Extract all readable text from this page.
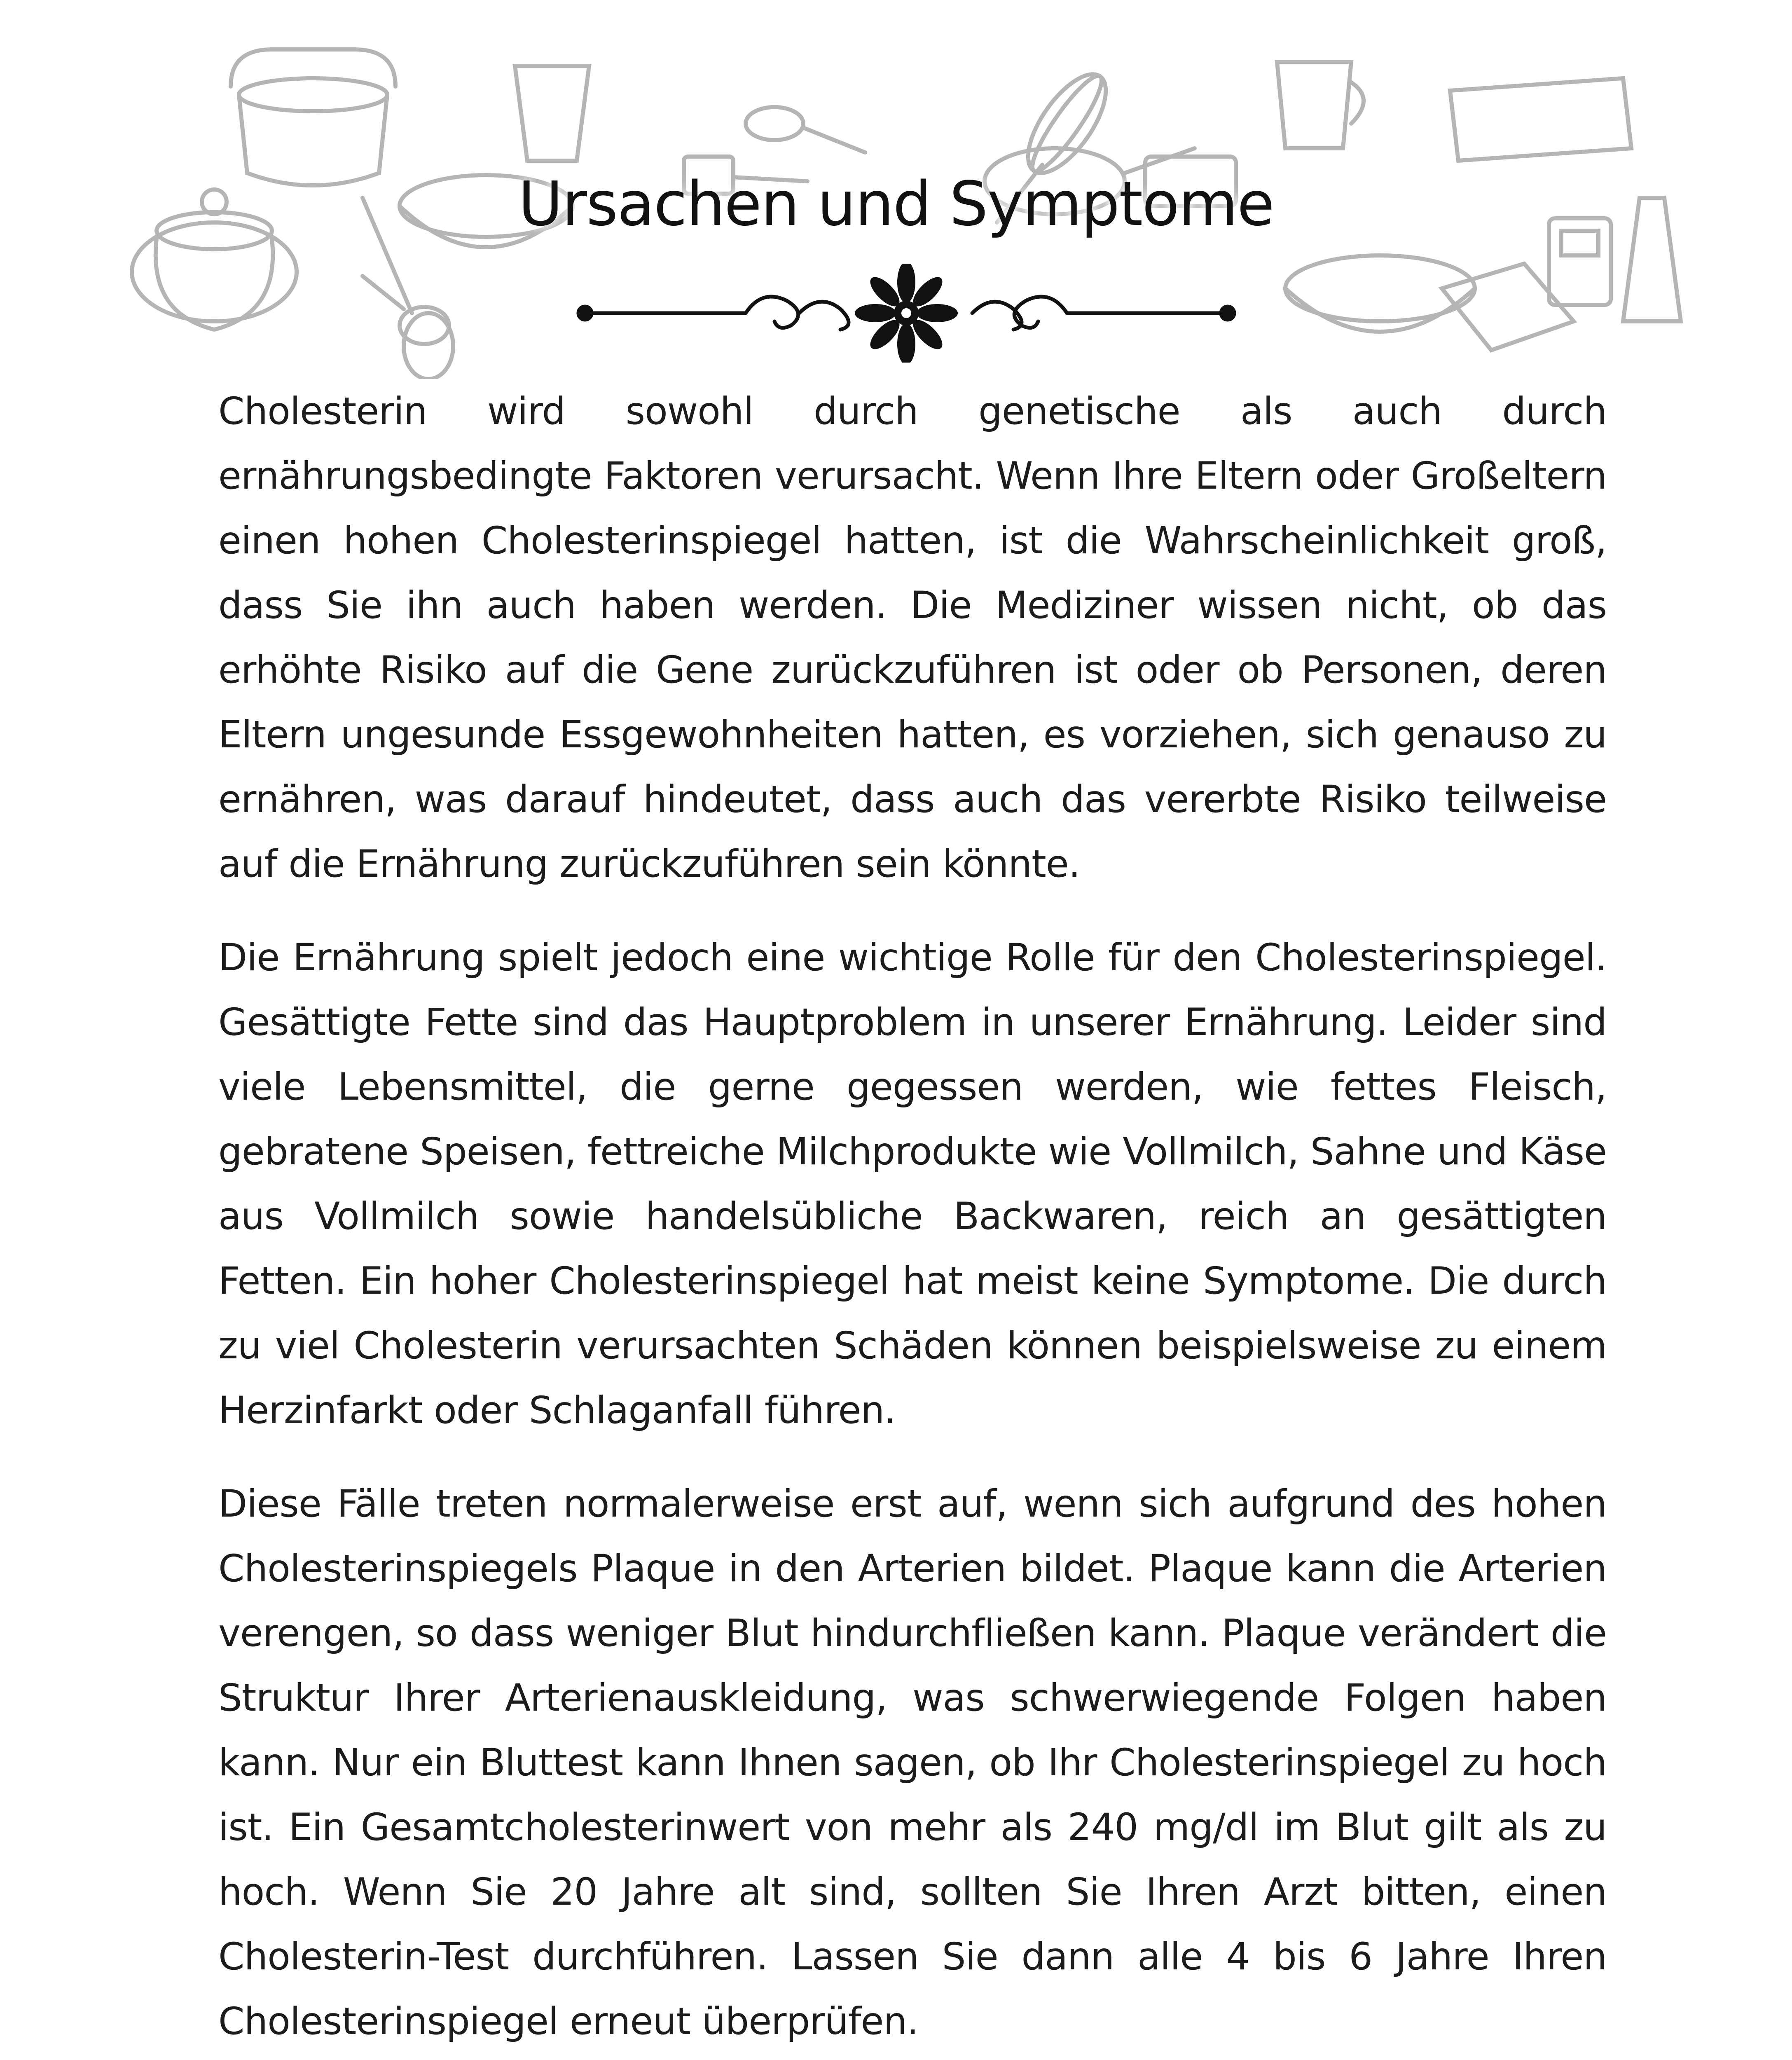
Ursachen und Symptome

Cholesterin wird sowohl durch genetische als auch durch ernährungsbedingte Faktoren verursacht. Wenn Ihre Eltern oder Großeltern einen hohen Cholesterinspiegel hatten, ist die Wahrscheinlichkeit groß, dass Sie ihn auch haben werden. Die Mediziner wissen nicht, ob das erhöhte Risiko auf die Gene zurückzuführen ist oder ob Personen, deren Eltern ungesunde Essgewohnheiten hatten, es vorziehen, sich genauso zu ernähren, was darauf hindeutet, dass auch das vererbte Risiko teilweise auf die Ernährung zurückzuführen sein könnte.

Die Ernährung spielt jedoch eine wichtige Rolle für den Cholesterinspiegel. Gesättigte Fette sind das Hauptproblem in unserer Ernährung. Leider sind viele Lebensmittel, die gerne gegessen werden, wie fettes Fleisch, gebratene Speisen, fettreiche Milchprodukte wie Vollmilch, Sahne und Käse aus Vollmilch sowie handelsübliche Backwaren, reich an gesättigten Fetten. Ein hoher Cholesterinspiegel hat meist keine Symptome. Die durch zu viel Cholesterin verursachten Schäden können beispielsweise zu einem Herzinfarkt oder Schlaganfall führen.

Diese Fälle treten normalerweise erst auf, wenn sich aufgrund des hohen Cholesterinspiegels Plaque in den Arterien bildet. Plaque kann die Arterien verengen, so dass weniger Blut hindurchfließen kann. Plaque verändert die Struktur Ihrer Arterienauskleidung, was schwerwiegende Folgen haben kann. Nur ein Bluttest kann Ihnen sagen, ob Ihr Cholesterinspiegel zu hoch ist. Ein Gesamtcholesterinwert von mehr als 240 mg/dl im Blut gilt als zu hoch. Wenn Sie 20 Jahre alt sind, sollten Sie Ihren Arzt bitten, einen Cholesterin-Test durchführen. Lassen Sie dann alle 4 bis 6 Jahre Ihren Cholesterinspiegel erneut überprüfen.
